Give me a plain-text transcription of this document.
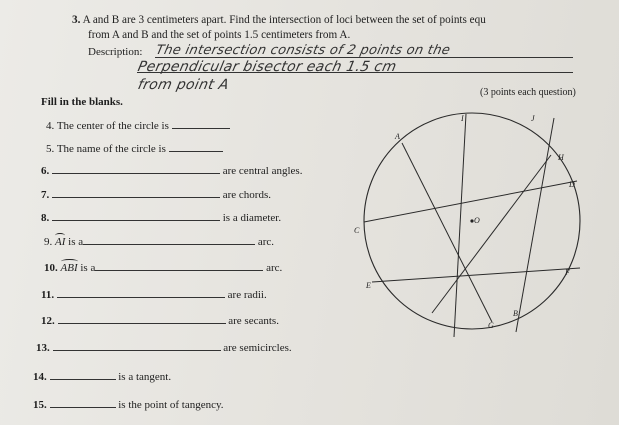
3. A and B are 3 centimeters apart. Find the intersection of loci between the set of points equ
from A and B and the set of points 1.5 centimeters from A.
Description: The intersection consists of 2 points on the
Perpendicular bisector each 1.5 cm
from point A
Fill in the blanks.
(3 points each question)
4. The center of the circle is
5. The name of the circle is
6.	are central angles.
7.	are chords.
8.	is a diameter.
9. AI is a	arc.
10. ABI is a	arc.
11.	are radii.
12.	are secants.
13.	are semicircles.
14.	is a tangent.
15.	is the point of tangency.
I	J
A
H
D
O
C
E
F
B
G
